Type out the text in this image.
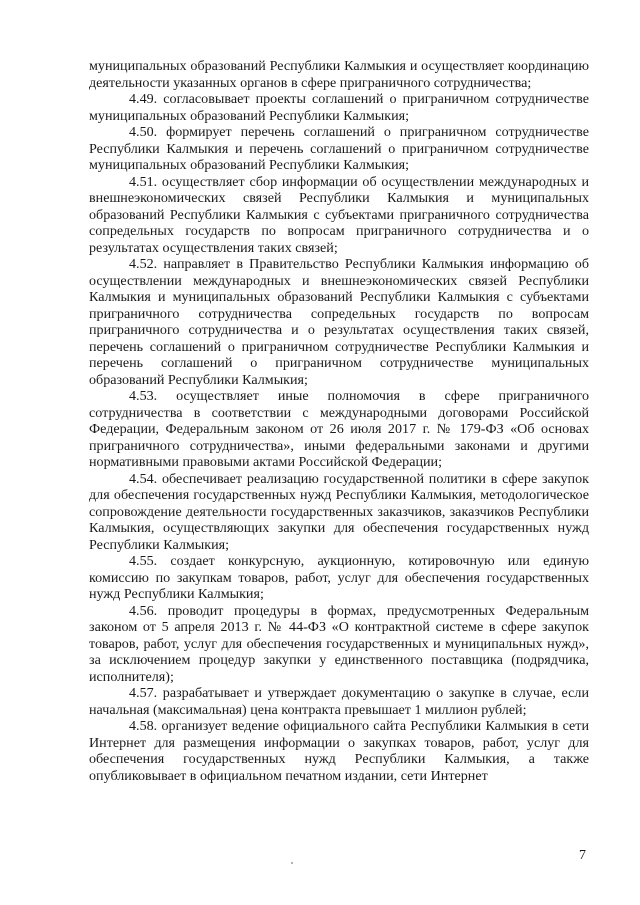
муниципальных образований Республики Калмыкия и осуществляет координацию деятельности указанных органов в сфере приграничного сотрудничества;

4.49. согласовывает проекты соглашений о приграничном сотрудничестве муниципальных образований Республики Калмыкия;

4.50. формирует перечень соглашений о приграничном сотрудничестве Республики Калмыкия и перечень соглашений о приграничном сотрудничестве муниципальных образований Республики Калмыкия;

4.51. осуществляет сбор информации об осуществлении международных и внешнеэкономических связей Республики Калмыкия и муниципальных образований Республики Калмыкия с субъектами приграничного сотрудничества сопредельных государств по вопросам приграничного сотрудничества и о результатах осуществления таких связей;

4.52. направляет в Правительство Республики Калмыкия информацию об осуществлении международных и внешнеэкономических связей Республики Калмыкия и муниципальных образований Республики Калмыкия с субъектами приграничного сотрудничества сопредельных государств по вопросам приграничного сотрудничества и о результатах осуществления таких связей, перечень соглашений о приграничном сотрудничестве Республики Калмыкия и перечень соглашений о приграничном сотрудничестве муниципальных образований Республики Калмыкия;

4.53. осуществляет иные полномочия в сфере приграничного сотрудничества в соответствии с международными договорами Российской Федерации, Федеральным законом от 26 июля 2017 г. № 179-ФЗ «Об основах приграничного сотрудничества», иными федеральными законами и другими нормативными правовыми актами Российской Федерации;

4.54. обеспечивает реализацию государственной политики в сфере закупок для обеспечения государственных нужд Республики Калмыкия, методологическое сопровождение деятельности государственных заказчиков, заказчиков Республики Калмыкия, осуществляющих закупки для обеспечения государственных нужд Республики Калмыкия;

4.55. создает конкурсную, аукционную, котировочную или единую комиссию по закупкам товаров, работ, услуг для обеспечения государственных нужд Республики Калмыкия;

4.56. проводит процедуры в формах, предусмотренных Федеральным законом от 5 апреля 2013 г. № 44-ФЗ «О контрактной системе в сфере закупок товаров, работ, услуг для обеспечения государственных и муниципальных нужд», за исключением процедур закупки у единственного поставщика (подрядчика, исполнителя);

4.57. разрабатывает и утверждает документацию о закупке в случае, если начальная (максимальная) цена контракта превышает 1 миллион рублей;

4.58. организует ведение официального сайта Республики Калмыкия в сети Интернет для размещения информации о закупках товаров, работ, услуг для обеспечения государственных нужд Республики Калмыкия, а также опубликовывает в официальном печатном издании, сети Интернет

7
